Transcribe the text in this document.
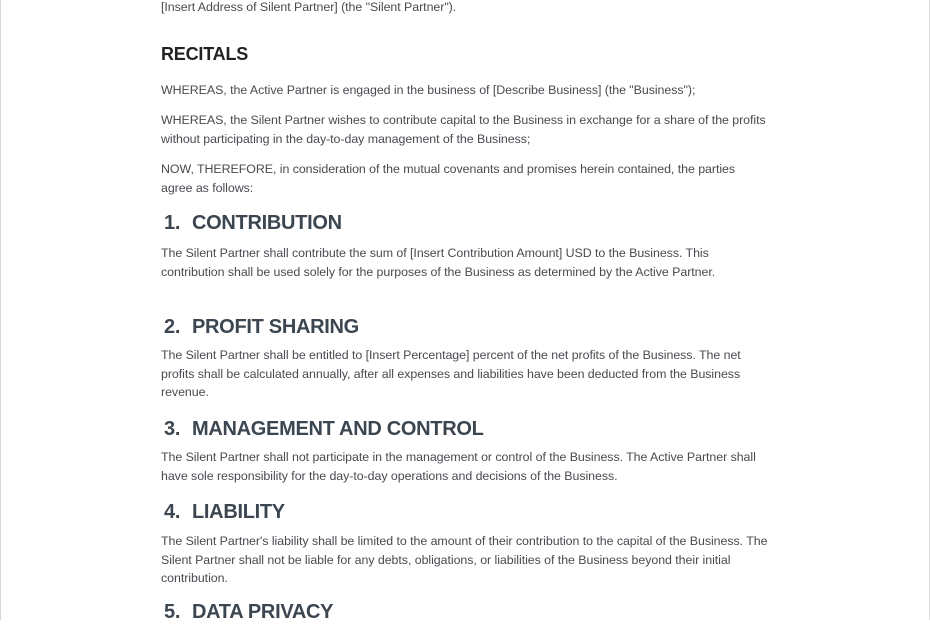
[Insert Address of Silent Partner] (the "Silent Partner").

RECITALS

WHEREAS, the Active Partner is engaged in the business of [Describe Business] (the "Business");

WHEREAS, the Silent Partner wishes to contribute capital to the Business in exchange for a share of the profits without participating in the day-to-day management of the Business;

NOW, THEREFORE, in consideration of the mutual covenants and promises herein contained, the parties agree as follows:

1. CONTRIBUTION

The Silent Partner shall contribute the sum of [Insert Contribution Amount] USD to the Business. This contribution shall be used solely for the purposes of the Business as determined by the Active Partner.

2. PROFIT SHARING

The Silent Partner shall be entitled to [Insert Percentage] percent of the net profits of the Business. The net profits shall be calculated annually, after all expenses and liabilities have been deducted from the Business revenue.

3. MANAGEMENT AND CONTROL

The Silent Partner shall not participate in the management or control of the Business. The Active Partner shall have sole responsibility for the day-to-day operations and decisions of the Business.

4. LIABILITY

The Silent Partner's liability shall be limited to the amount of their contribution to the capital of the Business. The Silent Partner shall not be liable for any debts, obligations, or liabilities of the Business beyond their initial contribution.

5. DATA PRIVACY
